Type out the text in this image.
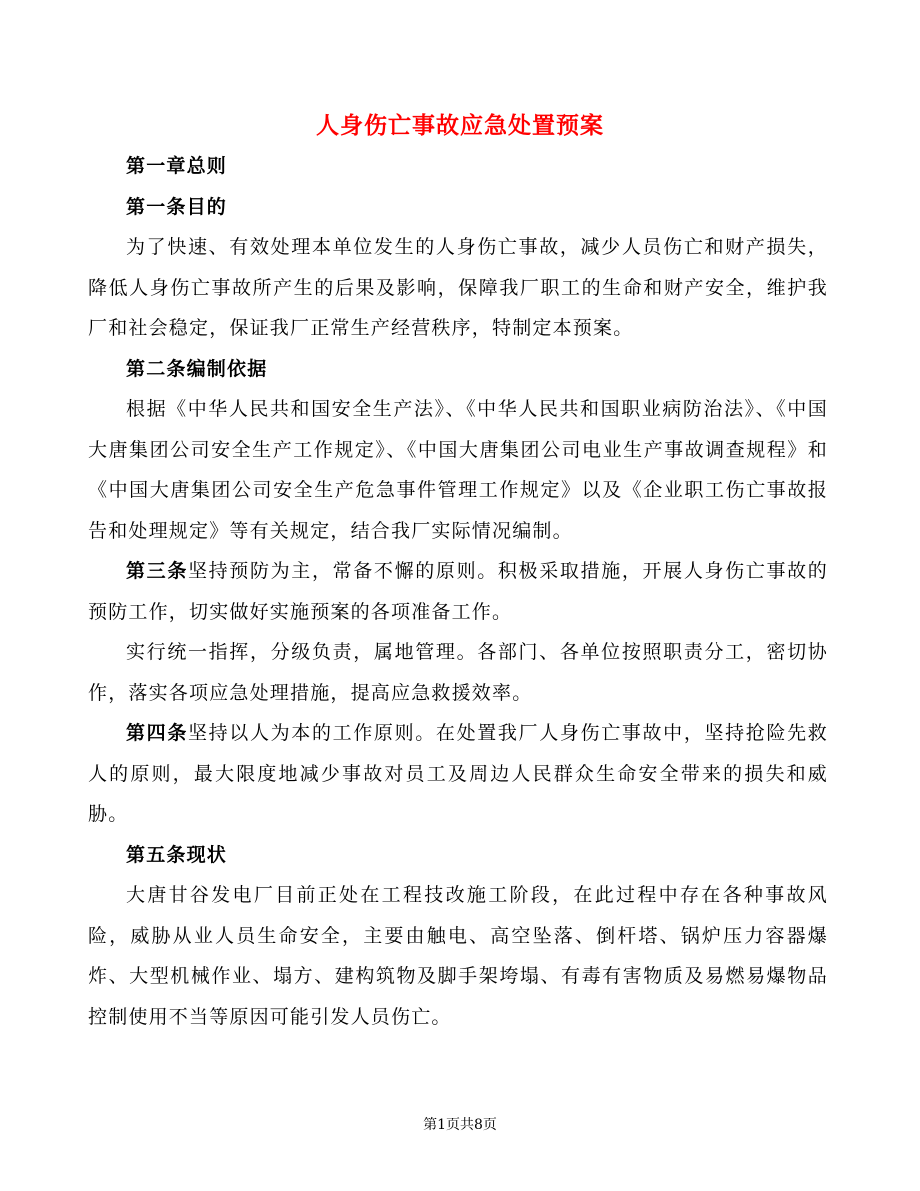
人身伤亡事故应急处置预案

第一章总则

第一条目的

为了快速、有效处理本单位发生的人身伤亡事故，减少人员伤亡和财产损失，降低人身伤亡事故所产生的后果及影响，保障我厂职工的生命和财产安全，维护我厂和社会稳定，保证我厂正常生产经营秩序，特制定本预案。

第二条编制依据

根据《中华人民共和国安全生产法》、《中华人民共和国职业病防治法》、《中国大唐集团公司安全生产工作规定》、《中国大唐集团公司电业生产事故调查规程》和《中国大唐集团公司安全生产危急事件管理工作规定》以及《企业职工伤亡事故报告和处理规定》等有关规定，结合我厂实际情况编制。

第三条坚持预防为主，常备不懈的原则。积极采取措施，开展人身伤亡事故的预防工作，切实做好实施预案的各项准备工作。

实行统一指挥，分级负责，属地管理。各部门、各单位按照职责分工，密切协作，落实各项应急处理措施，提高应急救援效率。

第四条坚持以人为本的工作原则。在处置我厂人身伤亡事故中，坚持抢险先救人的原则，最大限度地减少事故对员工及周边人民群众生命安全带来的损失和威胁。

第五条现状

大唐甘谷发电厂目前正处在工程技改施工阶段，在此过程中存在各种事故风险，威胁从业人员生命安全，主要由触电、高空坠落、倒杆塔、锅炉压力容器爆炸、大型机械作业、塌方、建构筑物及脚手架垮塌、有毒有害物质及易燃易爆物品控制使用不当等原因可能引发人员伤亡。

第1页共8页
